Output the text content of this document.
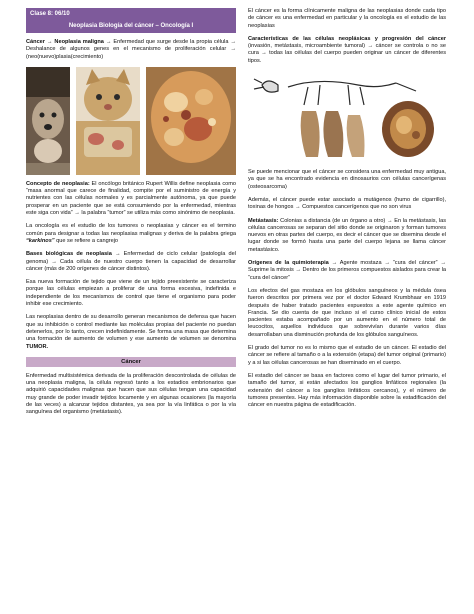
Clase 8: 06/10
Neoplasia Biología del cáncer – Oncología I

Cáncer → Neoplasia maligna → Enfermedad que surge desde la propia célula → Deshalance de algunos genes en el mecanismo de proliferación celular → (neo(nuevo)plasia(crecimiento)

Concepto de neoplasia: El oncólogo británico Rupert Willis define neoplasia como “masa anormal que carece de finalidad, compite por el suministro de energía y nutrientes con las células normales y es parcialmente autónoma, ya que puede prosperar en un paciente que se está consumiendo por la enfermedad, mientras este siga con vida” → la palabra “tumor” se utiliza más como sinónimo de neoplasia.

La oncología es el estudio de los tumores o neoplasias y cáncer es el termino común para designar a todas las neoplasias malignas y deriva de la palabra griega “karkinos” que se refiere a cangrejo

Bases biológicas de neoplasia → Enfermedad de ciclo celular (patología del genoma) → Cada célula de nuestro cuerpo tienen la capacidad de desarrollar cáncer (más de 200 orígenes de cáncer distintos).

Esa nueva formación de tejido que viene de un tejido preexistente se caracteriza porque las células empiezan a proliferar de una forma excesiva, indefinida e independiente de los mecanismos de control que tiene el organismo para poder inhibir ese crecimiento.

Las neoplasias dentro de su desarrollo generan mecanismos de defensa que hacen que su inhibición o control mediante las moléculas propias del paciente no puedan detenerlos, por lo tanto, crecen indefinidamente. Se forma una masa que determina una formación de aumento de volumen y ese aumento de volumen se denomina TUMOR.

Cáncer

Enfermedad multisistémica derivada de la proliferación descontrolada de células de una neoplasia maligna, la célula regresó tanto a los estadios embrionarios que adquirió capacidades malignas que hacen que sus células tengan una capacidad muy grande de poder invadir tejidos locamente y en algunas ocasiones (la mayoría de las veces) a alcanzar tejidos distantes, ya sea por la vía linfática o por la vía sanguínea del organismo (metástasis).

El cáncer es la forma clínicamente maligna de las neoplasias donde cada tipo de cáncer es una enfermedad en particular y la oncología es el estudio de las neoplasias

Características de las células neoplásicas y progresión del cáncer (invasión, metástasis, microambiente tumoral) → cáncer se controla o no se cura → todas las células del cuerpo pueden originar un cáncer de diferentes tipos.

Se puede mencionar que el cáncer se considera una enfermedad muy antigua, ya que se ha encontrado evidencia en dinosaurios con células cancerígenas (osteosarcoma)

Además, el cáncer puede estar asociado a mutágenos (humo de cigarrillo), toxinas de hongos → Compuestos cancerígenos que no son virus

Metástasis: Colonias a distancia (de un órgano a otro) → En la metástasis, las células cancerosas se separan del sitio donde se originaron y forman tumores nuevos en otras partes del cuerpo, es decir el cáncer que se disemina desde el lugar donde se formó hasta una parte del cuerpo lejana se llama cáncer metastásico.

Orígenes de la quimioterapia → Agente mostaza → “cura del cáncer” → Suprime la mitosis → Dentro de los primeros compuestos aislados para crear la “cura del cáncer”

Los efectos del gas mostaza en los glóbulos sanguíneos y la médula ósea fueron descritos por primera vez por el doctor Edward Krumbhaar en 1919 después de haber tratado pacientes expuestos a este agente químico en Francia. Se dio cuenta de que incluso si el curso clínico inicial de estos pacientes estaba acompañado por un aumento en el número total de leucocitos, aquellos individuos que sobrevivían durante varios días desarrollaban una disminución profunda de los glóbulos sanguíneos.

El grado del tumor no es lo mismo que el estadio de un cáncer. El estadio del cáncer se refiere al tamaño o a la extensión (etapa) del tumor original (primario) y a si las células cancerosas se han diseminado en el cuerpo.

El estadio del cáncer se basa en factores como el lugar del tumor primario, el tamaño del tumor, si están afectados los ganglios linfáticos regionales (la extensión del cáncer a los ganglios linfáticos cercanos), y el número de tumores presentes. Hay más información disponible sobre la estadificación del cáncer en nuestra página de estadificación.
